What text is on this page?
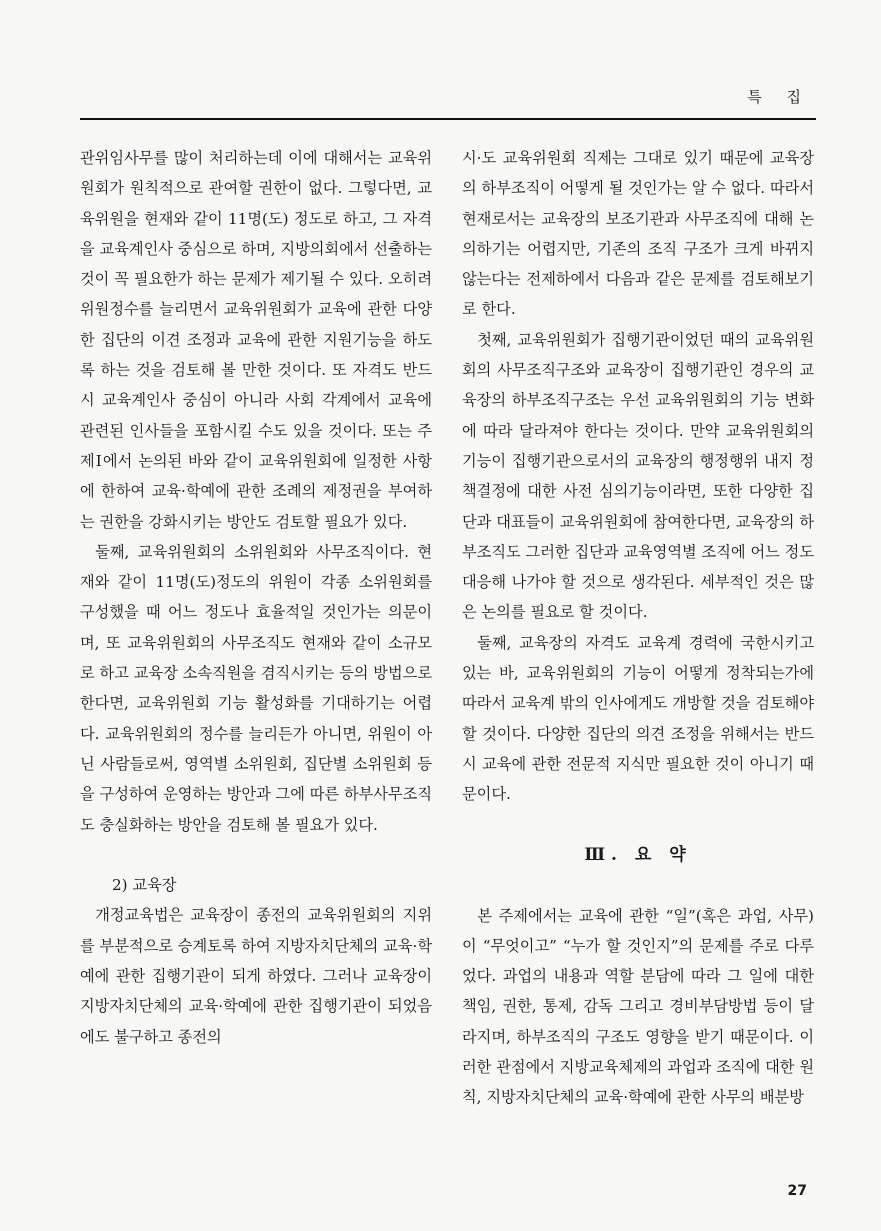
특 집

관위임사무를 많이 처리하는데 이에 대해서는 교육위원회가 원칙적으로 관여할 권한이 없다. 그렇다면, 교육위원을 현재와 같이 11명(도) 정도로 하고, 그 자격을 교육계인사 중심으로 하며, 지방의회에서 선출하는 것이 꼭 필요한가 하는 문제가 제기될 수 있다. 오히려 위원정수를 늘리면서 교육위원회가 교육에 관한 다양한 집단의 이견 조정과 교육에 관한 지원기능을 하도록 하는 것을 검토해 볼 만한 것이다. 또 자격도 반드시 교육계인사 중심이 아니라 사회 각계에서 교육에 관련된 인사들을 포함시킬 수도 있을 것이다. 또는 주제Ⅰ에서 논의된 바와 같이 교육위원회에 일정한 사항에 한하여 교육·학예에 관한 조례의 제정권을 부여하는 권한을 강화시키는 방안도 검토할 필요가 있다.

둘째, 교육위원회의 소위원회와 사무조직이다. 현재와 같이 11명(도)정도의 위원이 각종 소위원회를 구성했을 때 어느 정도나 효율적일 것인가는 의문이며, 또 교육위원회의 사무조직도 현재와 같이 소규모로 하고 교육장 소속직원을 겸직시키는 등의 방법으로 한다면, 교육위원회 기능 활성화를 기대하기는 어렵다. 교육위원회의 정수를 늘리든가 아니면, 위원이 아닌 사람들로써, 영역별 소위원회, 집단별 소위원회 등을 구성하여 운영하는 방안과 그에 따른 하부사무조직도 충실화하는 방안을 검토해 볼 필요가 있다.

2) 교육장

개정교육법은 교육장이 종전의 교육위원회의 지위를 부분적으로 승계토록 하여 지방자치단체의 교육·학예에 관한 집행기관이 되게 하였다. 그러나 교육장이 지방자치단체의 교육·학예에 관한 집행기관이 되었음에도 불구하고 종전의

시·도 교육위원회 직제는 그대로 있기 때문에 교육장의 하부조직이 어떻게 될 것인가는 알 수 없다. 따라서 현재로서는 교육장의 보조기관과 사무조직에 대해 논의하기는 어렵지만, 기존의 조직 구조가 크게 바뀌지 않는다는 전제하에서 다음과 같은 문제를 검토해보기로 한다.

첫째, 교육위원회가 집행기관이었던 때의 교육위원회의 사무조직구조와 교육장이 집행기관인 경우의 교육장의 하부조직구조는 우선 교육위원회의 기능 변화에 따라 달라져야 한다는 것이다. 만약 교육위원회의 기능이 집행기관으로서의 교육장의 행정행위 내지 정책결정에 대한 사전 심의기능이라면, 또한 다양한 집단과 대표들이 교육위원회에 참여한다면, 교육장의 하부조직도 그러한 집단과 교육영역별 조직에 어느 정도 대응해 나가야 할 것으로 생각된다. 세부적인 것은 많은 논의를 필요로 할 것이다.

둘째, 교육장의 자격도 교육계 경력에 국한시키고 있는 바, 교육위원회의 기능이 어떻게 정착되는가에 따라서 교육계 밖의 인사에게도 개방할 것을 검토해야 할 것이다. 다양한 집단의 의견 조정을 위해서는 반드시 교육에 관한 전문적 지식만 필요한 것이 아니기 때문이다.

Ⅲ. 요 약

본 주제에서는 교육에 관한 “일”(혹은 과업, 사무)이 “무엇이고” “누가 할 것인지”의 문제를 주로 다루었다. 과업의 내용과 역할 분담에 따라 그 일에 대한 책임, 권한, 통제, 감독 그리고 경비부담방법 등이 달라지며, 하부조직의 구조도 영향을 받기 때문이다. 이러한 관점에서 지방교육체제의 과업과 조직에 대한 원칙, 지방자치단체의 교육·학예에 관한 사무의 배분방

27
